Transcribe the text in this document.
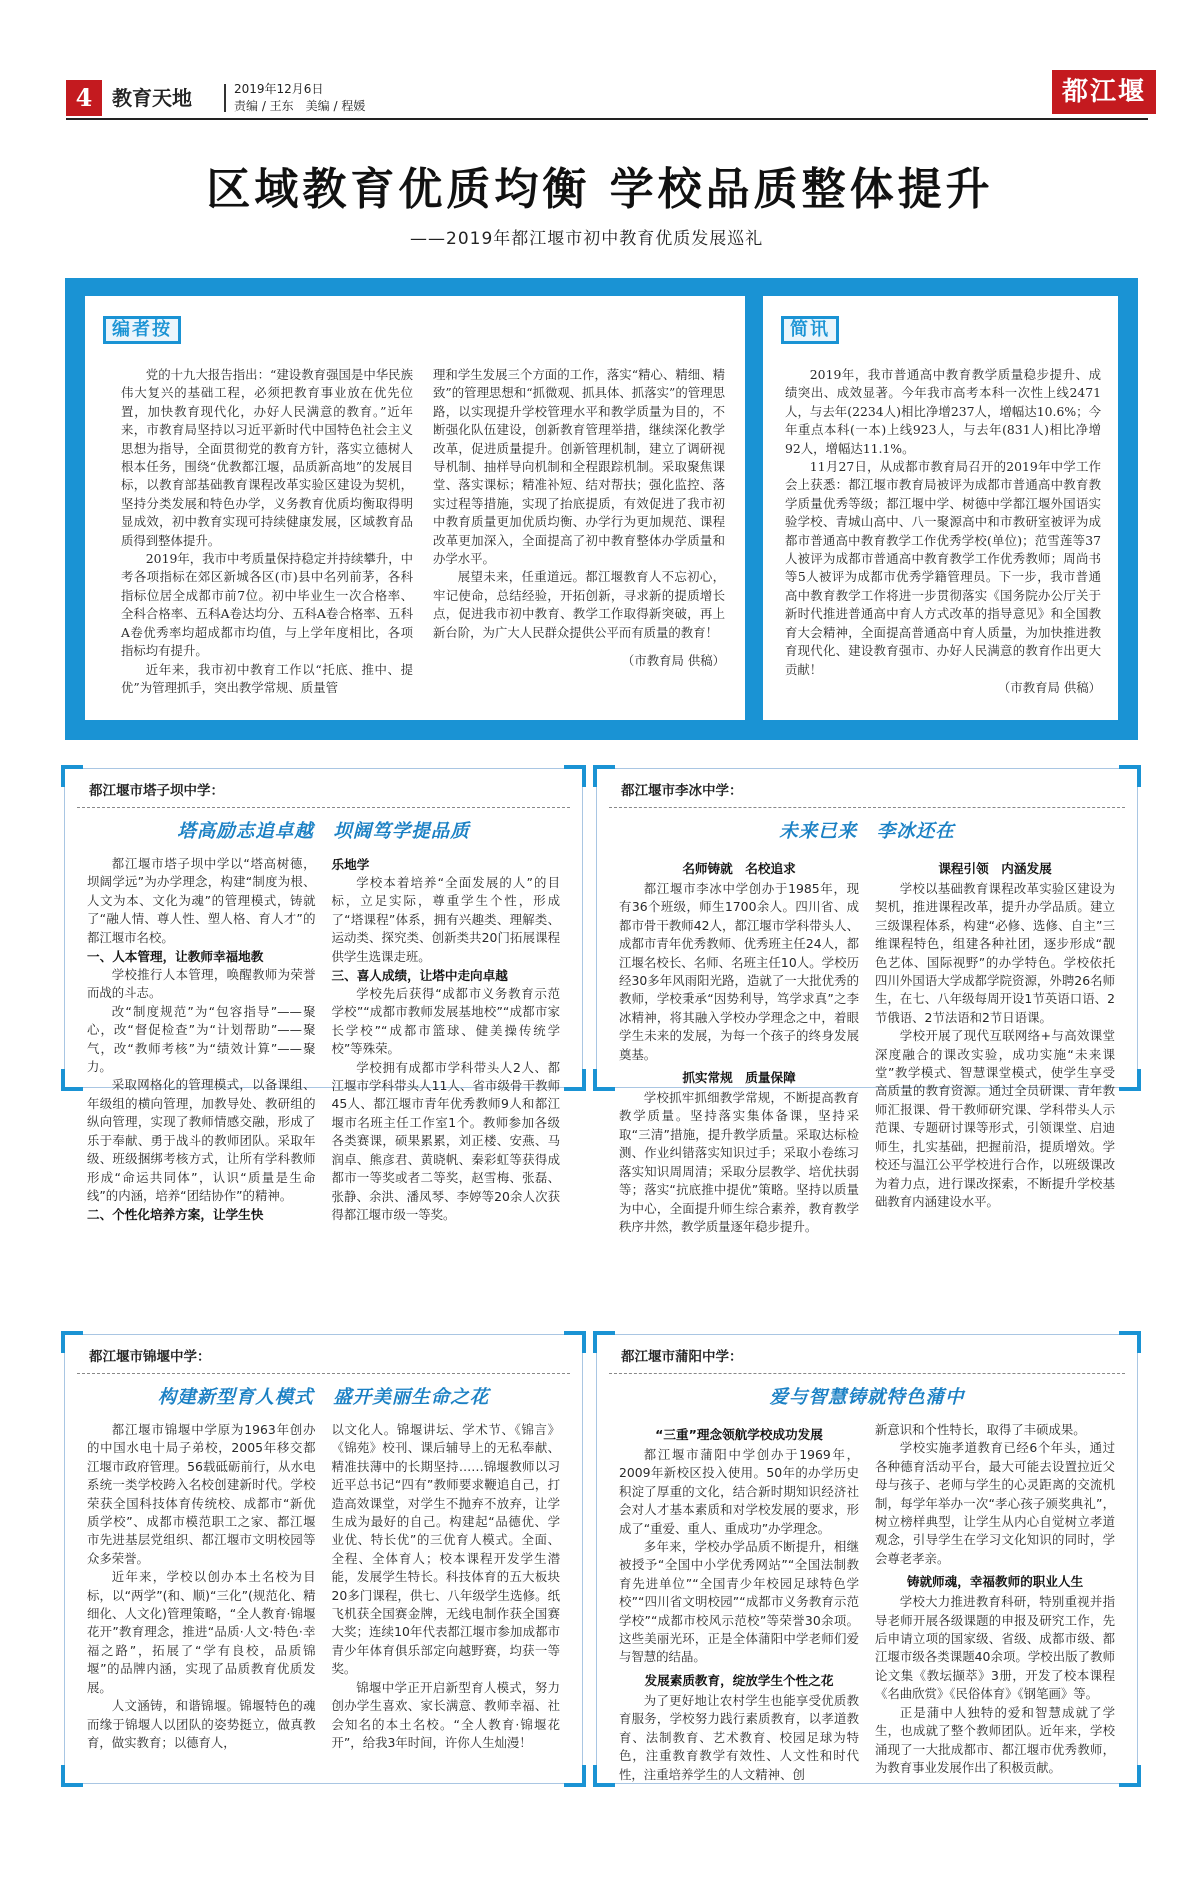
4 教育天地	2019年12月6日
责编 / 王东　美编 / 程媛	都江堰报
区域教育优质均衡 学校品质整体提升
——2019年都江堰市初中教育优质发展巡礼
编者按

党的十九大报告指出：“建设教育强国是中华民族伟大复兴的基础工程，必须把教育事业放在优先位置，加快教育现代化，办好人民满意的教育。”近年来，市教育局坚持以习近平新时代中国特色社会主义思想为指导，全面贯彻党的教育方针，落实立德树人根本任务，围绕“优教都江堰，品质新高地”的发展目标，以教育部基础教育课程改革实验区建设为契机，坚持分类发展和特色办学，义务教育优质均衡取得明显成效，初中教育实现可持续健康发展，区域教育品质得到整体提升。

2019年，我市中考质量保持稳定并持续攀升，中考各项指标在郊区新城各区(市)县中名列前茅，各科指标位居全成都市前7位。初中毕业生一次合格率、全科合格率、五科A卷达均分、五科A卷合格率、五科A卷优秀率均超成都市均值，与上学年度相比，各项指标均有提升。

近年来，我市初中教育工作以“托底、推中、提优”为管理抓手，突出教学常规、质量管

理和学生发展三个方面的工作，落实“精心、精细、精致”的管理思想和“抓微观、抓具体、抓落实”的管理思路，以实现提升学校管理水平和教学质量为目的，不断强化队伍建设，创新教育管理举措，继续深化教学改革，促进质量提升。创新管理机制，建立了调研视导机制、抽样导向机制和全程跟踪机制。采取聚焦课堂、落实课标；精准补短、结对帮扶；强化监控、落实过程等措施，实现了抬底提质，有效促进了我市初中教育质量更加优质均衡、办学行为更加规范、课程改革更加深入，全面提高了初中教育整体办学质量和办学水平。

展望未来，任重道远。都江堰教育人不忘初心，牢记使命，总结经验，开拓创新，寻求新的提质增长点，促进我市初中教育、教学工作取得新突破，再上新台阶，为广大人民群众提供公平而有质量的教育！

（市教育局 供稿）

简讯

2019年，我市普通高中教育教学质量稳步提升、成绩突出、成效显著。今年我市高考本科一次性上线2471人，与去年(2234人)相比净增237人，增幅达10.6%；今年重点本科(一本)上线923人，与去年(831人)相比净增92人，增幅达11.1%。

11月27日，从成都市教育局召开的2019年中学工作会上获悉：都江堰市教育局被评为成都市普通高中教育教学质量优秀等级；都江堰中学、树德中学都江堰外国语实验学校、青城山高中、八一聚源高中和市教研室被评为成都市普通高中教育教学工作优秀学校(单位)；范雪莲等37人被评为成都市普通高中教育教学工作优秀教师；周尚书等5人被评为成都市优秀学籍管理员。下一步，我市普通高中教育教学工作将进一步贯彻落实《国务院办公厅关于新时代推进普通高中育人方式改革的指导意见》和全国教育大会精神，全面提高普通高中育人质量，为加快推进教育现代化、建设教育强市、办好人民满意的教育作出更大贡献！

（市教育局 供稿）

都江堰市塔子坝中学：
塔高励志追卓越　坝阔笃学提品质

都江堰市塔子坝中学以“塔高树德，坝阔学远”为办学理念，构建“制度为根、人文为本、文化为魂”的管理模式，铸就了“融人情、尊人性、塑人格、育人才”的都江堰市名校。

一、人本管理，让教师幸福地教

学校推行人本管理，唤醒教师为荣誉而战的斗志。

改“制度规范”为“包容指导”——聚心，改“督促检查”为“计划帮助”——聚气，改“教师考核”为“绩效计算”——聚力。

采取网格化的管理模式，以备课组、年级组的横向管理，加教导处、教研组的纵向管理，实现了教师情感交融，形成了乐于奉献、勇于战斗的教师团队。采取年级、班级捆绑考核方式，让所有学科教师形成“命运共同体”，认识“质量是生命线”的内涵，培养“团结协作”的精神。

二、个性化培养方案，让学生快
乐地学

学校本着培养“全面发展的人”的目标，立足实际，尊重学生个性，形成了“塔课程”体系，拥有兴趣类、理解类、运动类、探究类、创新类共20门拓展课程供学生选课走班。

三、喜人成绩，让塔中走向卓越

学校先后获得“成都市义务教育示范学校”“成都市教师发展基地校”“成都市家长学校”“成都市篮球、健美操传统学校”等殊荣。

学校拥有成都市学科带头人2人、都江堰市学科带头人11人、省市级骨干教师45人、都江堰市青年优秀教师9人和都江堰市名班主任工作室1个。教师参加各级各类赛课，硕果累累，刘正楼、安燕、马润卓、熊彦君、黄晓帆、秦彩虹等获得成都市一等奖或者二等奖，赵雪梅、张磊、张静、余洪、潘凤琴、李婷等20余人次获得都江堰市级一等奖。

都江堰市李冰中学：
未来已来　李冰还在
名师铸就　名校追求

都江堰市李冰中学创办于1985年，现有36个班级，师生1700余人。四川省、成都市骨干教师42人，都江堰市学科带头人、成都市青年优秀教师、优秀班主任24人，都江堰名校长、名师、名班主任10人。学校历经30多年风雨阳光路，造就了一大批优秀的教师，学校秉承“因势利导，笃学求真”之李冰精神，将其融入学校办学理念之中，着眼学生未来的发展，为每一个孩子的终身发展奠基。

抓实常规　质量保障

学校抓牢抓细教学常规，不断提高教育教学质量。坚持落实集体备课，坚持采取“三清”措施，提升教学质量。采取达标检测、作业纠错落实知识过手；采取小卷练习落实知识周周清；采取分层教学、培优扶弱等；落实“抗底推中提优”策略。坚持以质量为中心，全面提升师生综合素养，教育教学秩序井然，教学质量逐年稳步提升。

课程引领　内涵发展

学校以基础教育课程改革实验区建设为契机，推进课程改革，提升办学品质。建立三级课程体系，构建“必修、选修、自主”三维课程特色，组建各种社团，逐步形成“靓色艺体、国际视野”的办学特色。学校依托四川外国语大学成都学院资源，外聘26名师生，在七、八年级每周开设1节英语口语、2节俄语、2节法语和2节日语课。

学校开展了现代互联网络+与高效课堂深度融合的课改实验，成功实施“未来课堂”教学模式、智慧课堂模式，使学生享受高质量的教育资源。通过全员研课、青年教师汇报课、骨干教师研究课、学科带头人示范课、专题研讨课等形式，引领课堂、启迪师生，扎实基础，把握前沿，提质增效。学校还与温江公平学校进行合作，以班级课改为着力点，进行课改探索，不断提升学校基础教育内涵建设水平。

都江堰市锦堰中学：
构建新型育人模式　盛开美丽生命之花

都江堰市锦堰中学原为1963年创办的中国水电十局子弟校，2005年移交都江堰市政府管理。56载砥砺前行，从水电系统一类学校跨入名校创建新时代。学校荣获全国科技体育传统校、成都市“新优质学校”、成都市模范职工之家、都江堰市先进基层党组织、都江堰市文明校园等众多荣誉。

近年来，学校以创办本土名校为目标，以“两学”(和、顺)“三化”(规范化、精细化、人文化)管理策略，“全人教育·锦堰花开”教育理念，推进“品质·人文·特色·幸福之路”，拓展了“学有良校，品质锦堰”的品牌内涵，实现了品质教育优质发展。

人文涵铸，和谐锦堰。锦堰特色的魂而缘于锦堰人以团队的姿势挺立，做真教育，做实教育；以德育人，

以文化人。锦堰讲坛、学术节、《锦言》《锦苑》校刊、课后辅导上的无私奉献、精准扶薄中的长期坚持……锦堰教师以习近平总书记“四有”教师要求鞭追自己，打造高效课堂，对学生不抛弃不放弃，让学生成为最好的自己。构建起“品德优、学业优、特长优”的三优育人模式。全面、全程、全体育人；校本课程开发学生潜能，发展学生特长。科技体育的五大板块20多门课程，供七、八年级学生选修。纸飞机获全国赛金牌，无线电制作获全国赛大奖；连续10年代表都江堰市参加成都市青少年体育俱乐部定向越野赛，均获一等奖。

锦堰中学正开启新型育人模式，努力创办学生喜欢、家长满意、教师幸福、社会知名的本土名校。“全人教育·锦堰花开”，给我3年时间，许你人生灿漫！

都江堰市蒲阳中学：
爱与智慧铸就特色蒲中
“三重”理念领航学校成功发展

都江堰市蒲阳中学创办于1969年，2009年新校区投入使用。50年的办学历史积淀了厚重的文化，结合新时期知识经济社会对人才基本素质和对学校发展的要求，形成了“重爱、重人、重成功”办学理念。

多年来，学校办学品质不断提升，相继被授予“全国中小学优秀网站”“全国法制教育先进单位”“全国青少年校园足球特色学校”“四川省文明校园”“成都市义务教育示范学校”“成都市校风示范校”等荣誉30余项。这些美丽光环，正是全体蒲阳中学老师们爱与智慧的结晶。

发展素质教育，绽放学生个性之花

为了更好地让农村学生也能享受优质教育服务，学校努力践行素质教育，以孝道教育、法制教育、艺术教育、校园足球为特色，注重教育教学有效性、人文性和时代性，注重培养学生的人文精神、创

新意识和个性特长，取得了丰硕成果。

学校实施孝道教育已经6个年头，通过各种德育活动平台，最大可能去设置拉近父母与孩子、老师与学生的心灵距离的交流机制，每学年举办一次“孝心孩子颁奖典礼”，树立榜样典型，让学生从内心自觉树立孝道观念，引导学生在学习文化知识的同时，学会尊老孝亲。

铸就师魂，幸福教师的职业人生

学校大力推进教育科研，特别重视并指导老师开展各级课题的申报及研究工作，先后申请立项的国家级、省级、成都市级、都江堰市级各类课题40余项。学校出版了教师论文集《教坛撷萃》3册，开发了校本课程《名曲欣赏》《民俗体育》《钢笔画》等。

正是蒲中人独特的爱和智慧成就了学生，也成就了整个教师团队。近年来，学校涌现了一大批成都市、都江堰市优秀教师，为教育事业发展作出了积极贡献。
